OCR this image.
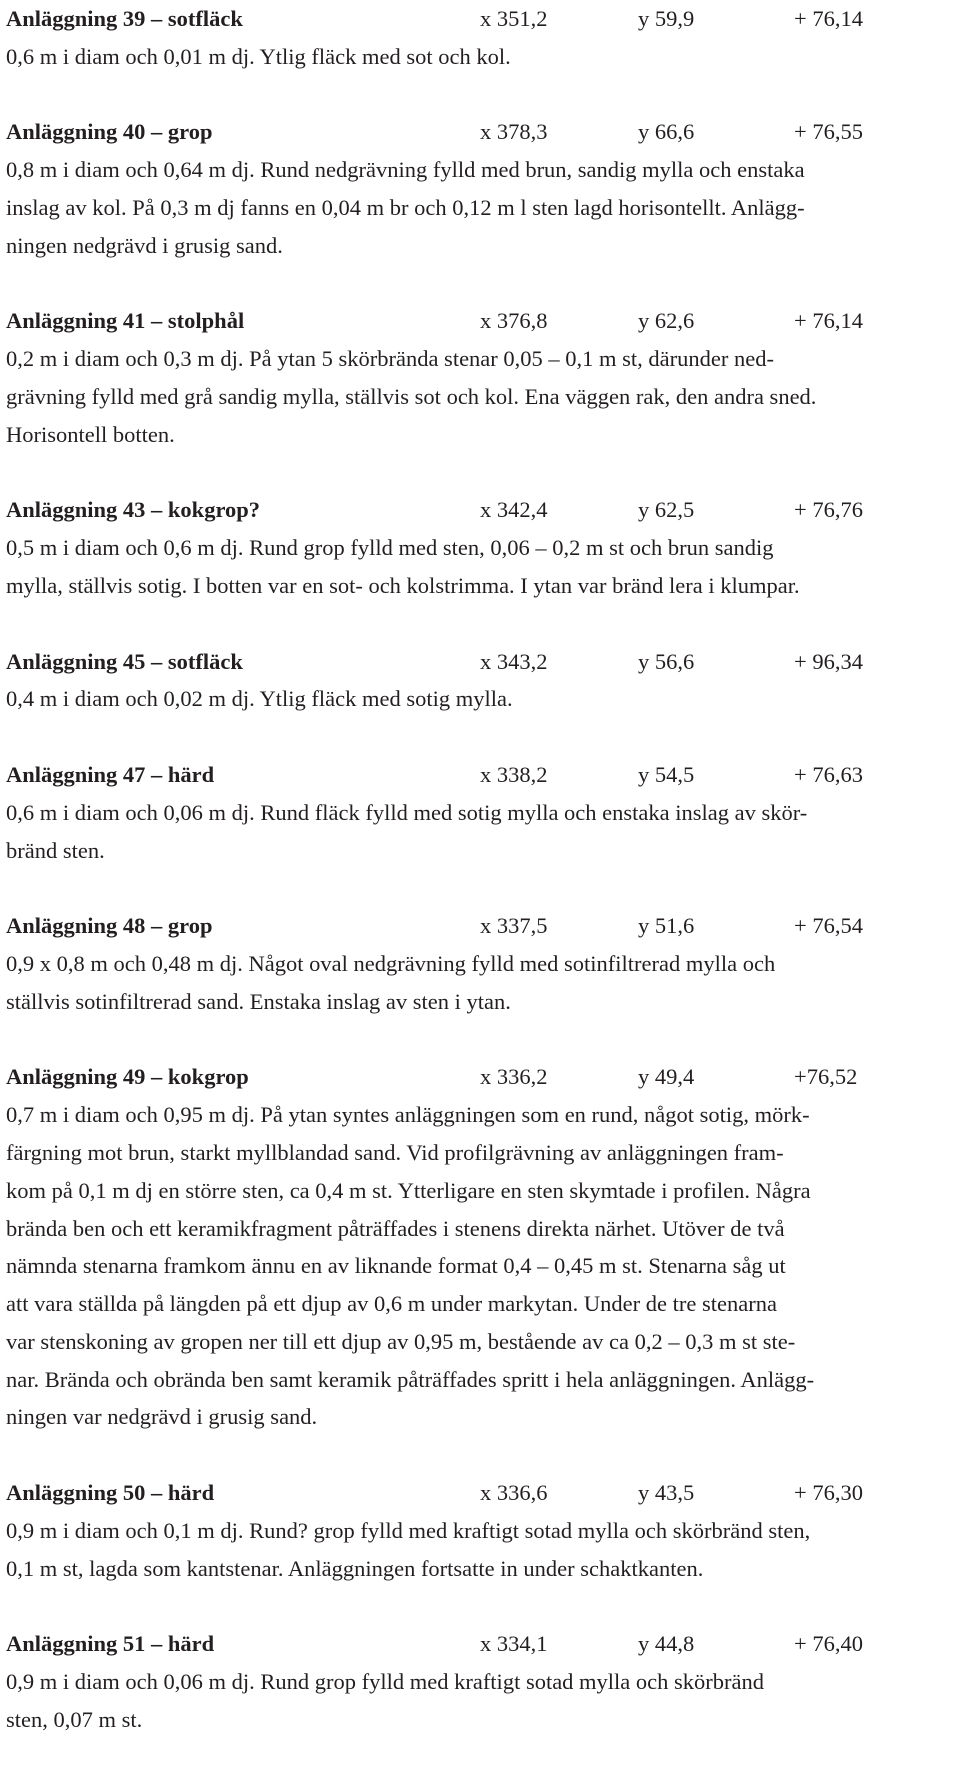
Anläggning 39 – sotfläck	x 351,2	y 59,9	+ 76,14
0,6 m i diam och 0,01 m dj. Ytlig fläck med sot och kol.
Anläggning 40 – grop	x 378,3	y 66,6	+ 76,55
0,8 m i diam och 0,64 m dj. Rund nedgrävning fylld med brun, sandig mylla och enstaka
inslag av kol. På 0,3 m dj fanns en 0,04 m br och 0,12 m l sten lagd horisontellt. Anlägg-
ningen nedgrävd i grusig sand.
Anläggning 41 – stolphål	x 376,8	y 62,6	+ 76,14
0,2 m i diam och 0,3 m dj. På ytan 5 skörbrända stenar 0,05 – 0,1 m st, därunder ned-
grävning fylld med grå sandig mylla, ställvis sot och kol. Ena väggen rak, den andra sned.
Horisontell botten.
Anläggning 43 – kokgrop?	x 342,4	y 62,5	+ 76,76
0,5 m i diam och 0,6 m dj. Rund grop fylld med sten, 0,06 – 0,2 m st och brun sandig
mylla, ställvis sotig. I botten var en sot- och kolstrimma. I ytan var bränd lera i klumpar.
Anläggning 45 – sotfläck	x 343,2	y 56,6	+ 96,34
0,4 m i diam och 0,02 m dj. Ytlig fläck med sotig mylla.
Anläggning 47 – härd	x 338,2	y 54,5	+ 76,63
0,6 m i diam och 0,06 m dj. Rund fläck fylld med sotig mylla och enstaka inslag av skör-
bränd sten.
Anläggning 48 – grop	x 337,5	y 51,6	+ 76,54
0,9 x 0,8 m och 0,48 m dj. Något oval nedgrävning fylld med sotinfiltrerad mylla och
ställvis sotinfiltrerad sand. Enstaka inslag av sten i ytan.
Anläggning 49 – kokgrop	x 336,2	y 49,4	+76,52
0,7 m i diam och 0,95 m dj. På ytan syntes anläggningen som en rund, något sotig, mörk-
färgning mot brun, starkt myllblandad sand. Vid profilgrävning av anläggningen fram-
kom på 0,1 m dj en större sten, ca 0,4 m st. Ytterligare en sten skymtade i profilen. Några
brända ben och ett keramikfragment påträffades i stenens direkta närhet. Utöver de två
nämnda stenarna framkom ännu en av liknande format 0,4 – 0,45 m st. Stenarna såg ut
att vara ställda på längden på ett djup av 0,6 m under markytan. Under de tre stenarna
var stenskoning av gropen ner till ett djup av 0,95 m, bestående av ca 0,2 – 0,3 m st ste-
nar. Brända och obrända ben samt keramik påträffades spritt i hela anläggningen. Anlägg-
ningen var nedgrävd i grusig sand.
Anläggning 50 – härd	x 336,6	y 43,5	+ 76,30
0,9 m i diam och 0,1 m dj. Rund? grop fylld med kraftigt sotad mylla och skörbränd sten,
0,1 m st, lagda som kantstenar. Anläggningen fortsatte in under schaktkanten.
Anläggning 51 – härd	x 334,1	y 44,8	+ 76,40
0,9 m i diam och 0,06 m dj. Rund grop fylld med kraftigt sotad mylla och skörbränd
sten, 0,07 m st.
